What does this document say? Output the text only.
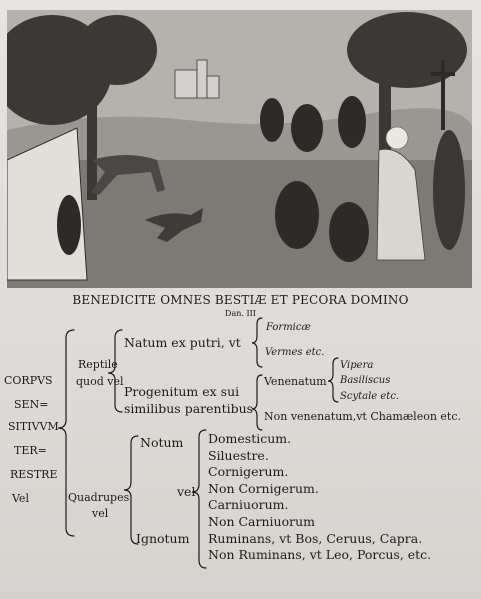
BENEDICITE OMNES BESTIÆ ET PECORA DOMINO
Dan. III
CORPVS
SEN=
SITIVVM
TER=
RESTRE
Vel
Reptile
quod vel
Natum ex putri, vt
Formicæ
Vermes etc.
Progenitum ex sui
similibus parentibus
Venenatum
Vipera
Basiliscus
Scytale etc.
Non venenatum,vt Chamæleon etc.
Quadrupes
vel
Notum
vel
Ignotum
Domesticum.
Siluestre.
Cornigerum.
Non Cornigerum.
Carniuorum.
Non Carniuorum
Ruminans, vt Bos, Ceruus, Capra.
Non Ruminans, vt Leo, Porcus, etc.
